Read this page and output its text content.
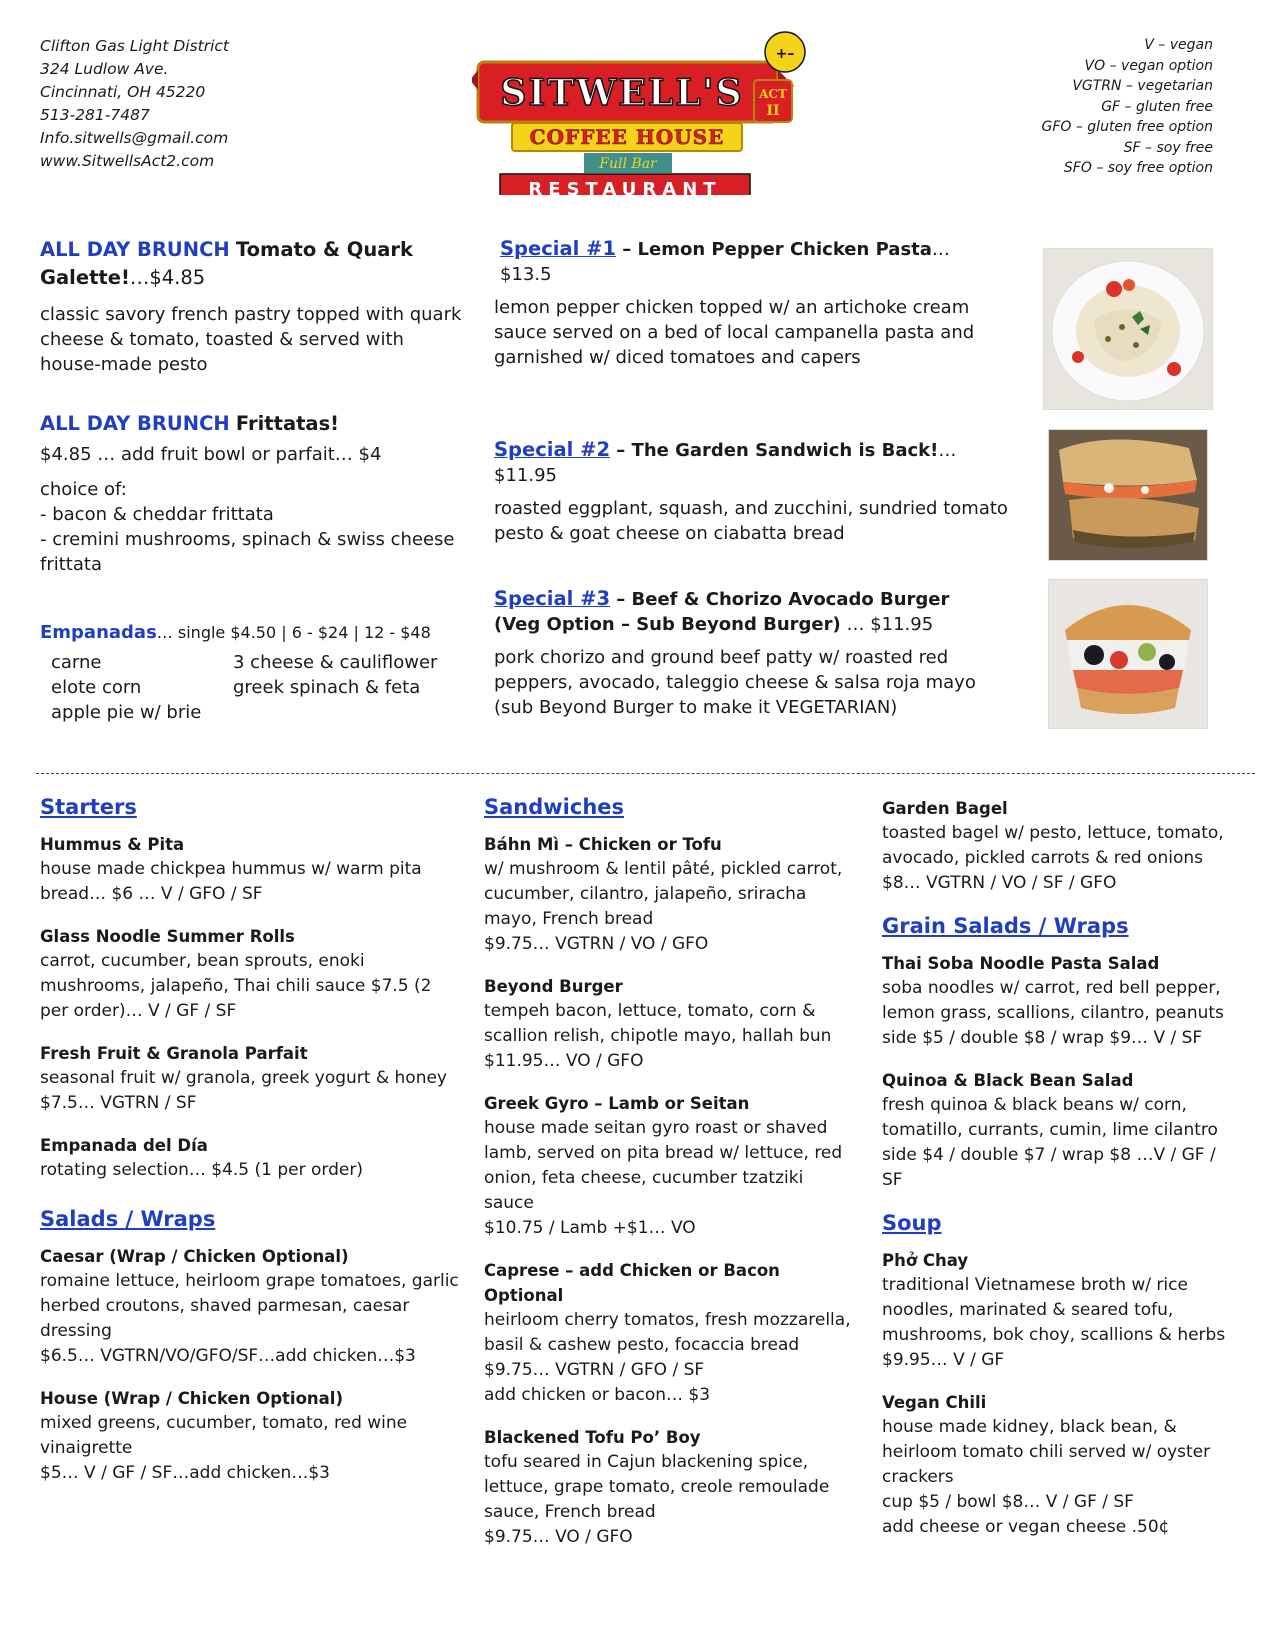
Clifton Gas Light District
324 Ludlow Ave.
Cincinnati, OH 45220
513-281-7487
Info.sitwells@gmail.com
www.SitwellsAct2.com
ACT
II
SITWELL'S
+–
COFFEE HOUSE
Full Bar
RESTAURANT
V – vegan
VO – vegan option
VGTRN – vegetarian
GF – gluten free
GFO – gluten free option
SF – soy free
SFO – soy free option

ALL DAY BRUNCH Tomato & Quark Galette!…$4.85

classic savory french pastry topped with quark cheese & tomato, toasted & served with house-made pesto

ALL DAY BRUNCH Frittatas!

$4.85 … add fruit bowl or parfait… $4

choice of:

- bacon & cheddar frittata

- cremini mushrooms, spinach & swiss cheese frittata

Empanadas… single $4.50 | 6 - $24 | 12 - $48

carne
elote corn
apple pie w/ brie
3 cheese & cauliflower
greek spinach & feta

Special #1 – Lemon Pepper Chicken Pasta…$13.5

lemon pepper chicken topped w/ an artichoke cream sauce served on a bed of local campanella pasta and garnished w/ diced tomatoes and capers

Special #2 – The Garden Sandwich is Back!…$11.95

roasted eggplant, squash, and zucchini, sundried tomato pesto & goat cheese on ciabatta bread

Special #3 – Beef & Chorizo Avocado Burger

(Veg Option – Sub Beyond Burger) … $11.95

pork chorizo and ground beef patty w/ roasted red peppers, avocado, taleggio cheese & salsa roja mayo (sub Beyond Burger to make it VEGETARIAN)

Starters
Hummus & Pita
house made chickpea hummus w/ warm pita bread… $6 … V / GFO / SF
Glass Noodle Summer Rolls
carrot, cucumber, bean sprouts, enoki mushrooms, jalapeño, Thai chili sauce $7.5 (2 per order)… V / GF / SF
Fresh Fruit & Granola Parfait
seasonal fruit w/ granola, greek yogurt & honey $7.5… VGTRN / SF
Empanada del Día
rotating selection… $4.5 (1 per order)
Salads / Wraps
Caesar (Wrap / Chicken Optional)
romaine lettuce, heirloom grape tomatoes, garlic herbed croutons, shaved parmesan, caesar dressing
$6.5… VGTRN/VO/GFO/SF…add chicken…$3
House (Wrap / Chicken Optional)
mixed greens, cucumber, tomato, red wine vinaigrette
$5… V / GF / SF…add chicken…$3
Sandwiches
Báhn Mì – Chicken or Tofu
w/ mushroom & lentil pâté, pickled carrot, cucumber, cilantro, jalapeño, sriracha mayo, French bread
$9.75… VGTRN / VO / GFO
Beyond Burger
tempeh bacon, lettuce, tomato, corn & scallion relish, chipotle mayo, hallah bun
$11.95… VO / GFO
Greek Gyro – Lamb or Seitan
house made seitan gyro roast or shaved lamb, served on pita bread w/ lettuce, red onion, feta cheese, cucumber tzatziki sauce
$10.75 / Lamb +$1… VO
Caprese – add Chicken or Bacon Optional
heirloom cherry tomatos, fresh mozzarella, basil & cashew pesto, focaccia bread
$9.75… VGTRN / GFO / SF
add chicken or bacon… $3
Blackened Tofu Po’ Boy
tofu seared in Cajun blackening spice, lettuce, grape tomato, creole remoulade sauce, French bread
$9.75… VO / GFO
Garden Bagel
toasted bagel w/ pesto, lettuce, tomato, avocado, pickled carrots & red onions
$8… VGTRN / VO / SF / GFO
Grain Salads / Wraps
Thai Soba Noodle Pasta Salad
soba noodles w/ carrot, red bell pepper, lemon grass, scallions, cilantro, peanuts
side $5 / double $8 / wrap $9… V / SF
Quinoa & Black Bean Salad
fresh quinoa & black beans w/ corn, tomatillo, currants, cumin, lime cilantro
side $4 / double $7 / wrap $8 …V / GF / SF
Soup
Phở Chay
traditional Vietnamese broth w/ rice noodles, marinated & seared tofu, mushrooms, bok choy, scallions & herbs
$9.95… V / GF
Vegan Chili
house made kidney, black bean, & heirloom tomato chili served w/ oyster crackers
cup $5 / bowl $8… V / GF / SF
add cheese or vegan cheese .50¢
